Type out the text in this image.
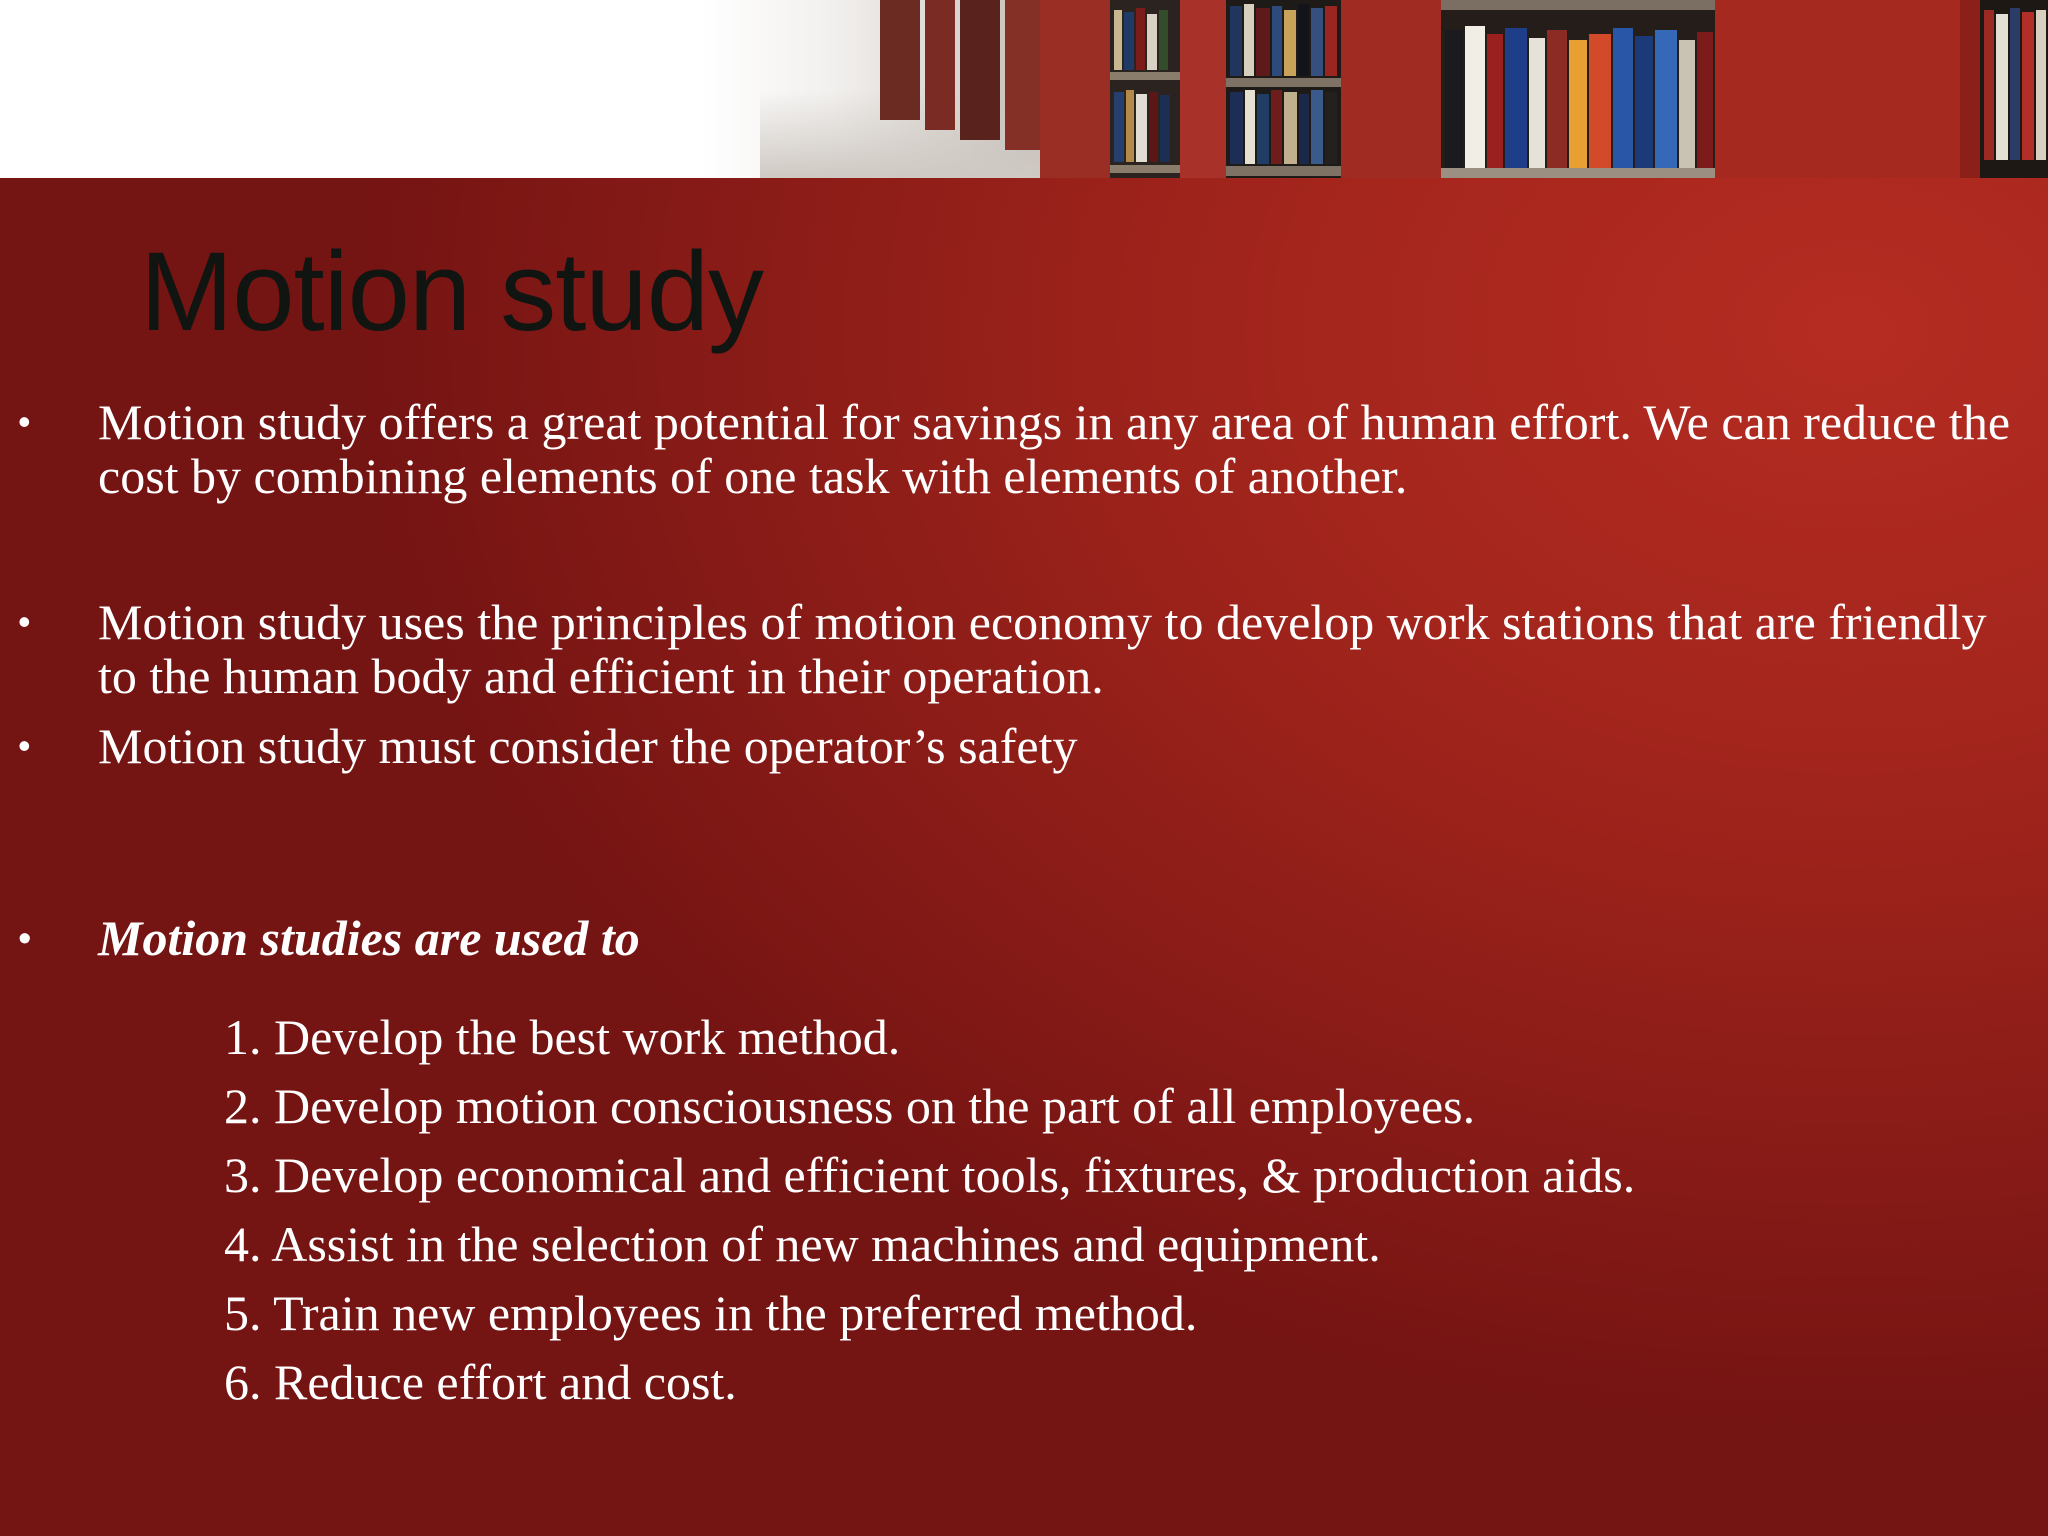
Motion study
• Motion study offers a great potential for savings in any area of human effort. We can reduce the cost by combining elements of one task with elements of another.
• Motion study uses the principles of motion economy to develop work stations that are friendly to the human body and efficient in their operation.
• Motion study must consider the operator’s safety
• Motion studies are used to
1. Develop the best work method.
2. Develop motion consciousness on the part of all employees.
3. Develop economical and efficient tools, fixtures, & production aids.
4. Assist in the selection of new machines and equipment.
5. Train new employees in the preferred method.
6. Reduce effort and cost.
